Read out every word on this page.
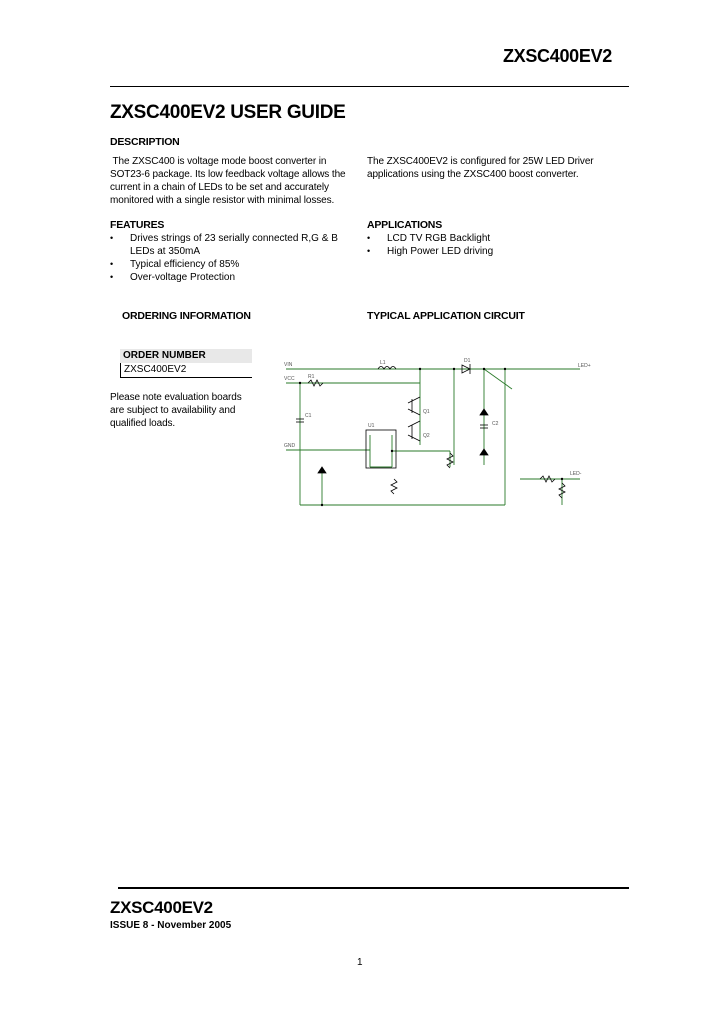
ZXSC400EV2
ZXSC400EV2 USER GUIDE
DESCRIPTION
The ZXSC400 is voltage mode boost converter in
SOT23-6 package. Its low feedback voltage allows the
current in a chain of LEDs to be set and accurately
monitored with a single resistor with minimal losses.
The ZXSC400EV2 is configured for 25W LED Driver
applications using the ZXSC400 boost converter.
FEATURES
• Drives strings of 23 serially connected R,G & B LEDs at 350mA
• Typical efficiency of 85%
• Over-voltage Protection
APPLICATIONS
• LCD TV RGB Backlight
• High Power LED driving
ORDERING INFORMATION	TYPICAL APPLICATION CIRCUIT
ORDER NUMBER
ZXSC400EV2
Please note evaluation boards
are subject to availability and
qualified loads.
L1	D1
Q1
Q2
U1
R1
C1
C2
LED+
LED-
VIN
GND
VCC
ZXSC400EV2
ISSUE 8 - November 2005
1
